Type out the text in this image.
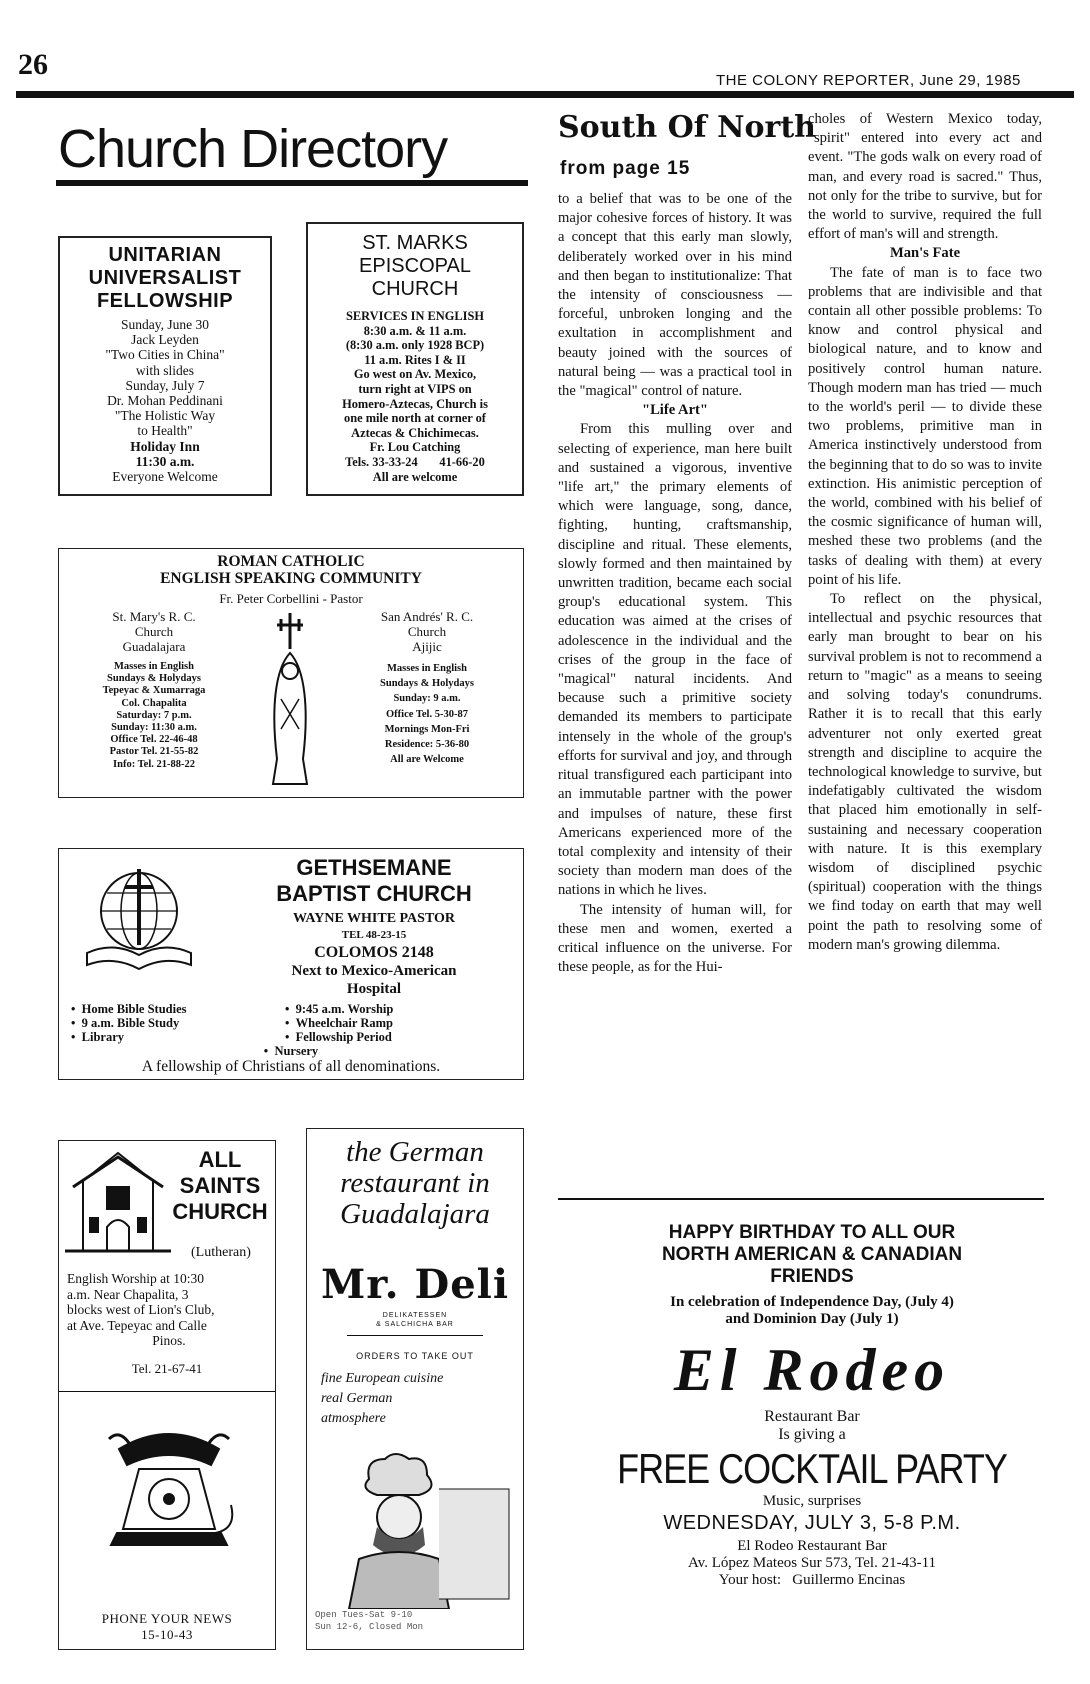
26	THE COLONY REPORTER, June 29, 1985
Church Directory
UNITARIAN
UNIVERSALIST
FELLOWSHIP
Sunday, June 30
Jack Leyden
"Two Cities in China"
with slides
Sunday, July 7
Dr. Mohan Peddinani
"The Holistic Way
to Health"
Holiday Inn
11:30 a.m.
Everyone Welcome
ST. MARKS
EPISCOPAL
CHURCH
SERVICES IN ENGLISH
8:30 a.m. & 11 a.m.
(8:30 a.m. only 1928 BCP)
11 a.m. Rites I & II
Go west on Av. Mexico,
turn right at VIPS on
Homero-Aztecas, Church is
one mile north at corner of
Aztecas & Chichimecas.
Fr. Lou Catching
Tels. 33-33-24 41-66-20
All are welcome
ROMAN CATHOLIC
ENGLISH SPEAKING COMMUNITY
Fr. Peter Corbellini - Pastor
St. Mary's R. C.
Church
Guadalajara
Masses in English
Sundays & Holydays
Tepeyac & Xumarraga
Col. Chapalita
Saturday: 7 p.m.
Sunday: 11:30 a.m.
Office Tel. 22-46-48
Pastor Tel. 21-55-82
Info: Tel. 21-88-22
San Andrés' R. C.
Church
Ajijic
Masses in English
Sundays & Holydays
Sunday: 9 a.m.
Office Tel. 5-30-87
Mornings Mon-Fri
Residence: 5-36-80
All are Welcome
GETHSEMANE
BAPTIST CHURCH
WAYNE WHITE PASTOR
TEL 48-23-15
COLOMOS 2148
Next to Mexico-American
Hospital
•  Home Bible Studies
•  9 a.m. Bible Study
•  Library
•  9:45 a.m. Worship
•  Wheelchair Ramp
•  Fellowship Period
•  Nursery
A fellowship of Christians of all denominations.
ALL
SAINTS
CHURCH
(Lutheran)
English Worship at 10:30
a.m. Near Chapalita, 3
blocks west of Lion's Club,
at Ave. Tepeyac and Calle
Pinos.
Tel. 21-67-41
PHONE YOUR NEWS
15-10-43
the German
restaurant in
Guadalajara
Mr. Deli
DELIKATESSEN
& SALCHICHA BAR
ORDERS TO TAKE OUT
fine European cuisine
real German
atmosphere
Open Tues-Sat 9-10
Sun 12-6, Closed Mon
South Of North
from page 15

to a belief that was to be one of the major cohesive forces of history. It was a concept that this early man slowly, deliberately worked over in his mind and then began to institutionalize: That the intensity of consciousness — forceful, unbroken longing and the exultation in accomplishment and beauty joined with the sources of natural being — was a practical tool in the "magical" control of nature.

"Life Art"

From this mulling over and selecting of experience, man here built and sustained a vigorous, inventive "life art," the primary elements of which were language, song, dance, fighting, hunting, craftsmanship, discipline and ritual. These elements, slowly formed and then maintained by unwritten tradition, became each social group's educational system. This education was aimed at the crises of adolescence in the individual and the crises of the group in the face of "magical" natural incidents. And because such a primitive society demanded its members to participate intensely in the whole of the group's efforts for survival and joy, and through ritual transfigured each participant into an immutable partner with the power and impulses of nature, these first Americans experienced more of the total complexity and intensity of their society than modern man does of the nations in which he lives.

The intensity of human will, for these men and women, exerted a critical influence on the universe. For these people, as for the Hui-

choles of Western Mexico today, "spirit" entered into every act and event. "The gods walk on every road of man, and every road is sacred." Thus, not only for the tribe to survive, but for the world to survive, required the full effort of man's will and strength.

Man's Fate

The fate of man is to face two problems that are indivisible and that contain all other possible problems: To know and control physical and biological nature, and to know and positively control human nature. Though modern man has tried — much to the world's peril — to divide these two problems, primitive man in America instinctively understood from the beginning that to do so was to invite extinction. His animistic perception of the world, combined with his belief of the cosmic significance of human will, meshed these two problems (and the tasks of dealing with them) at every point of his life.

To reflect on the physical, intellectual and psychic resources that early man brought to bear on his survival problem is not to recommend a return to "magic" as a means to seeing and solving today's conundrums. Rather it is to recall that this early adventurer not only exerted great strength and discipline to acquire the technological knowledge to survive, but indefatigably cultivated the wisdom that placed him emotionally in self-sustaining and necessary cooperation with nature. It is this exemplary wisdom of disciplined psychic (spiritual) cooperation with the things we find today on earth that may well point the path to resolving some of modern man's growing dilemma.

HAPPY BIRTHDAY TO ALL OUR
NORTH AMERICAN & CANADIAN
FRIENDS
In celebration of Independence Day, (July 4)
and Dominion Day (July 1)
El Rodeo
Restaurant Bar
Is giving a
FREE COCKTAIL PARTY
Music, surprises
WEDNESDAY, JULY 3, 5-8 P.M.
El Rodeo Restaurant Bar
Av. López Mateos Sur 573, Tel. 21-43-11
Your host:   Guillermo Encinas
